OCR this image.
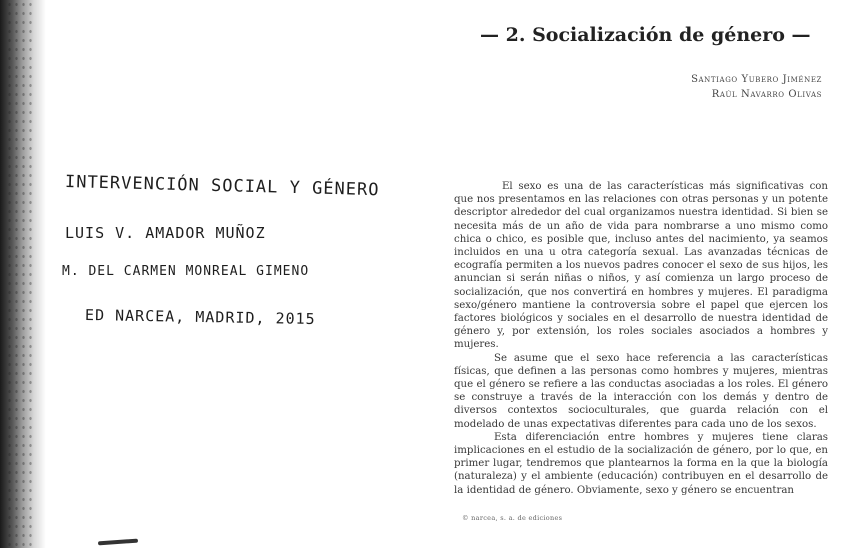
INTERVENCIÓN SOCIAL Y GÉNERO
LUIS V. AMADOR MUÑOZ
M. DEL CARMEN MONREAL GIMENO
ED NARCEA, MADRID, 2015
— 2. Socialización de género —
Santiago Yubero Jiménez
Raúl Navarro Olivas

El sexo es una de las características más significativas con que nos presentamos en las relaciones con otras personas y un potente descriptor alrededor del cual organizamos nuestra identidad. Si bien se necesita más de un año de vida para nombrarse a uno mismo como chica o chico, es posible que, incluso antes del nacimiento, ya seamos incluidos en una u otra categoría sexual. Las avanzadas técnicas de ecografía permiten a los nuevos padres conocer el sexo de sus hijos, les anuncian si serán niñas o niños, y así comienza un largo proceso de socialización, que nos convertirá en hombres y mujeres. El paradigma sexo/género mantiene la controversia sobre el papel que ejercen los factores biológicos y sociales en el desarrollo de nuestra identidad de género y, por extensión, los roles sociales asociados a hombres y mujeres.

Se asume que el sexo hace referencia a las características físicas, que definen a las personas como hombres y mujeres, mientras que el género se refiere a las conductas asociadas a los roles. El género se construye a través de la interacción con los demás y dentro de diversos contextos socioculturales, que guarda relación con el modelado de unas expectativas diferentes para cada uno de los sexos.

Esta diferenciación entre hombres y mujeres tiene claras implicaciones en el estudio de la socialización de género, por lo que, en primer lugar, tendremos que plantearnos la forma en la que la biología (naturaleza) y el ambiente (educación) contribuyen en el desarrollo de la identidad de género. Obviamente, sexo y género se encuentran

© narcea, s. a. de ediciones
